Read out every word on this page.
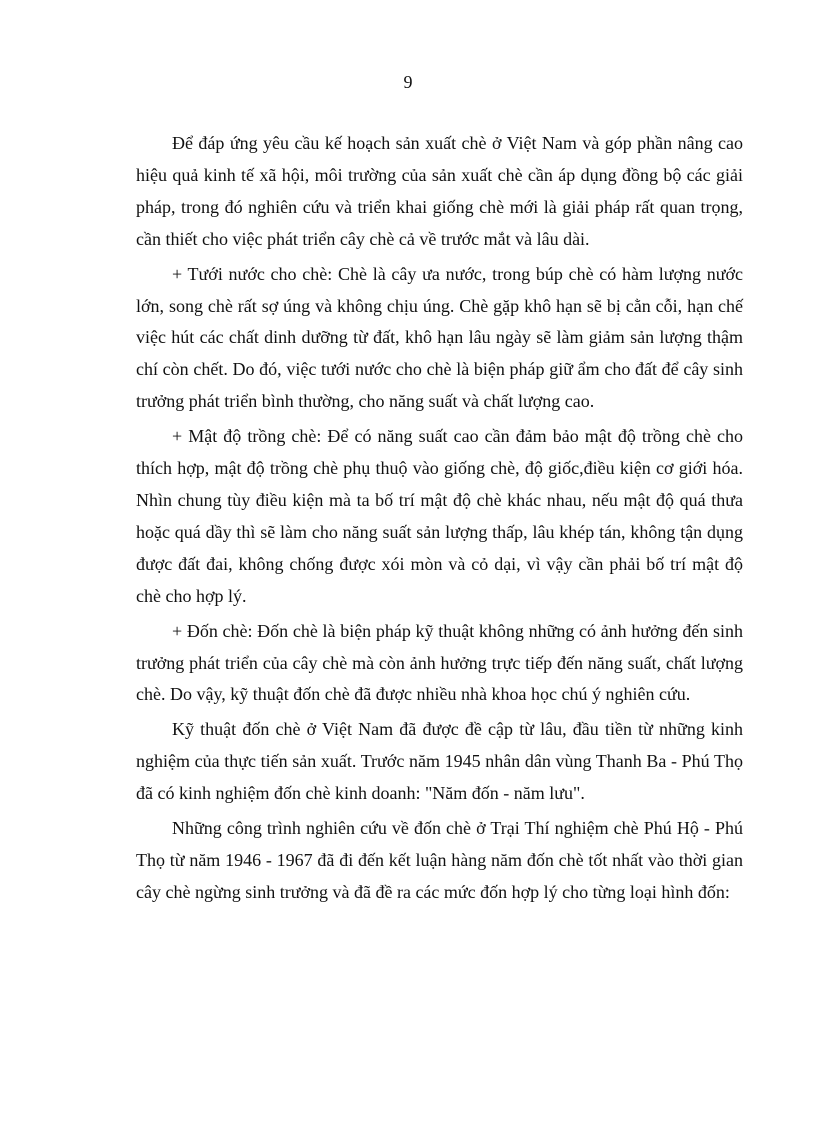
9

Để đáp ứng yêu cầu kế hoạch sản xuất chè ở Việt Nam và góp phần nâng cao hiệu quả kinh tế xã hội, môi trường của sản xuất chè cần áp dụng đồng bộ các giải pháp, trong đó nghiên cứu và triển khai giống chè mới là giải pháp rất quan trọng, cần thiết cho việc phát triển cây chè cả về trước mắt và lâu dài.

+ Tưới nước cho chè: Chè là cây ưa nước, trong búp chè có hàm lượng nước lớn, song chè rất sợ úng và không chịu úng. Chè gặp khô hạn sẽ bị cằn cỗi, hạn chế việc hút các chất dinh dưỡng từ đất, khô hạn lâu ngày sẽ làm giảm sản lượng thậm chí còn chết. Do đó, việc tưới nước cho chè là biện pháp giữ ẩm cho đất để cây sinh trưởng phát triển bình thường, cho năng suất và chất lượng cao.

+ Mật độ trồng chè: Để có năng suất cao cần đảm bảo mật độ trồng chè cho thích hợp, mật độ trồng chè phụ thuộ vào giống chè, độ giốc,điều kiện cơ giới hóa. Nhìn chung tùy điều kiện mà ta bố trí mật độ chè khác nhau, nếu mật độ quá thưa hoặc quá dầy thì sẽ làm cho năng suất sản lượng thấp, lâu khép tán, không tận dụng được đất đai, không chống được xói mòn và cỏ dại, vì vậy cần phải bố trí mật độ chè cho hợp lý.

+ Đốn chè: Đốn chè là biện pháp kỹ thuật không những có ảnh hưởng đến sinh trưởng phát triển của cây chè mà còn ảnh hưởng trực tiếp đến năng suất, chất lượng chè. Do vậy, kỹ thuật đốn chè đã được nhiều nhà khoa học chú ý nghiên cứu.

Kỹ thuật đốn chè ở Việt Nam đã được đề cập từ lâu, đầu tiền từ những kinh nghiệm của thực tiến sản xuất. Trước năm 1945 nhân dân vùng Thanh Ba - Phú Thọ đã có kinh nghiệm đốn chè kinh doanh: "Năm đốn - năm lưu".

Những công trình nghiên cứu về đốn chè ở Trại Thí nghiệm chè Phú Hộ - Phú Thọ từ năm 1946 - 1967 đã đi đến kết luận hàng năm đốn chè tốt nhất vào thời gian cây chè ngừng sinh trưởng và đã đề ra các mức đốn hợp lý cho từng loại hình đốn:
